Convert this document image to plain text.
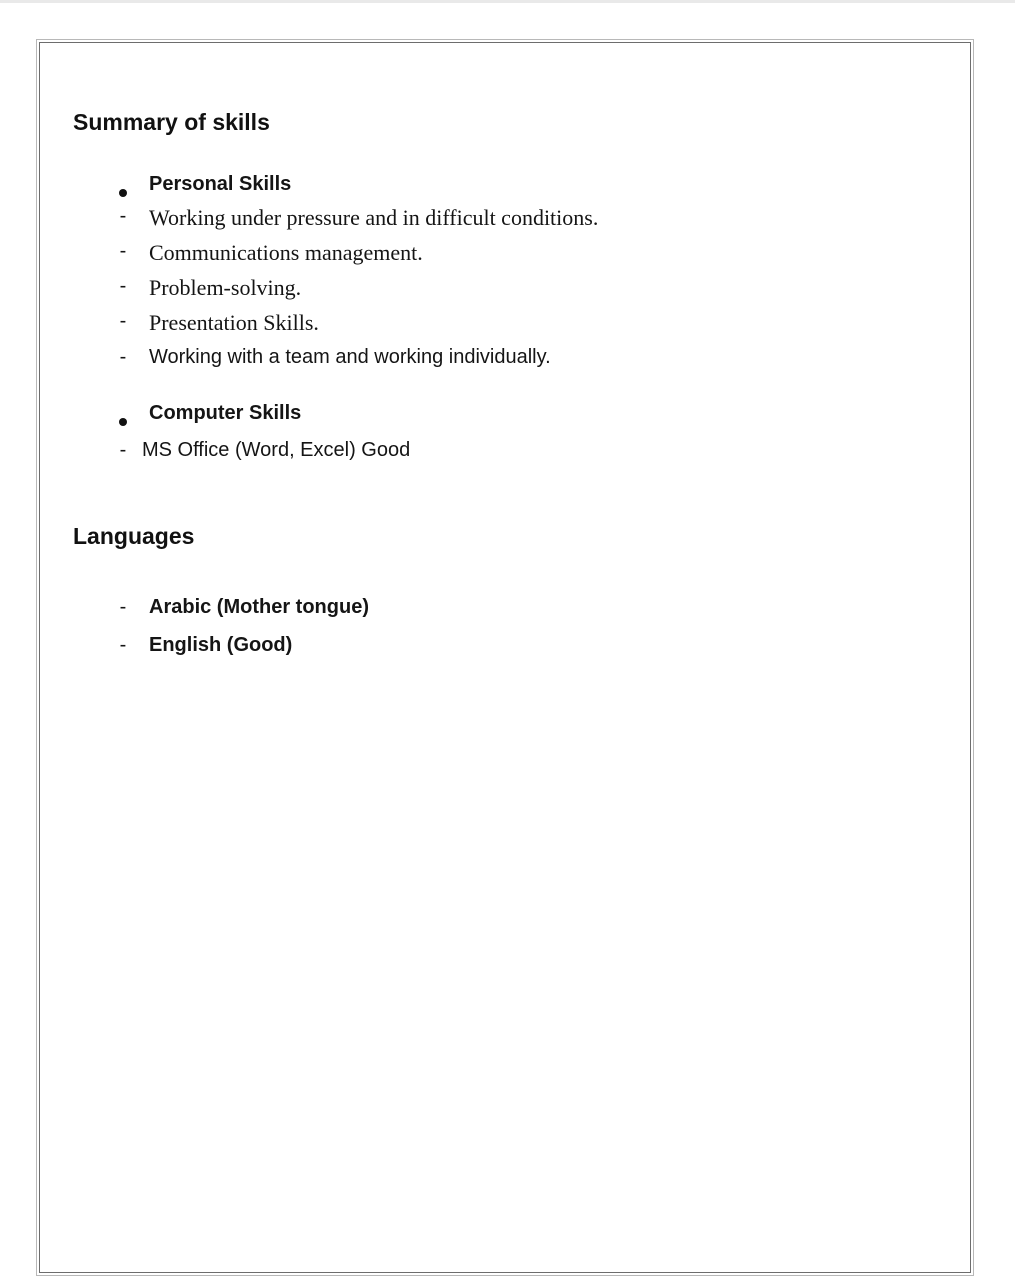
Summary of skills
Personal Skills
- Working under pressure and in difficult conditions.
- Communications management.
- Problem-solving.
- Presentation Skills.
- Working with a team and working individually.
Computer Skills
- MS Office (Word, Excel) Good
Languages
- Arabic (Mother tongue)
- English (Good)
